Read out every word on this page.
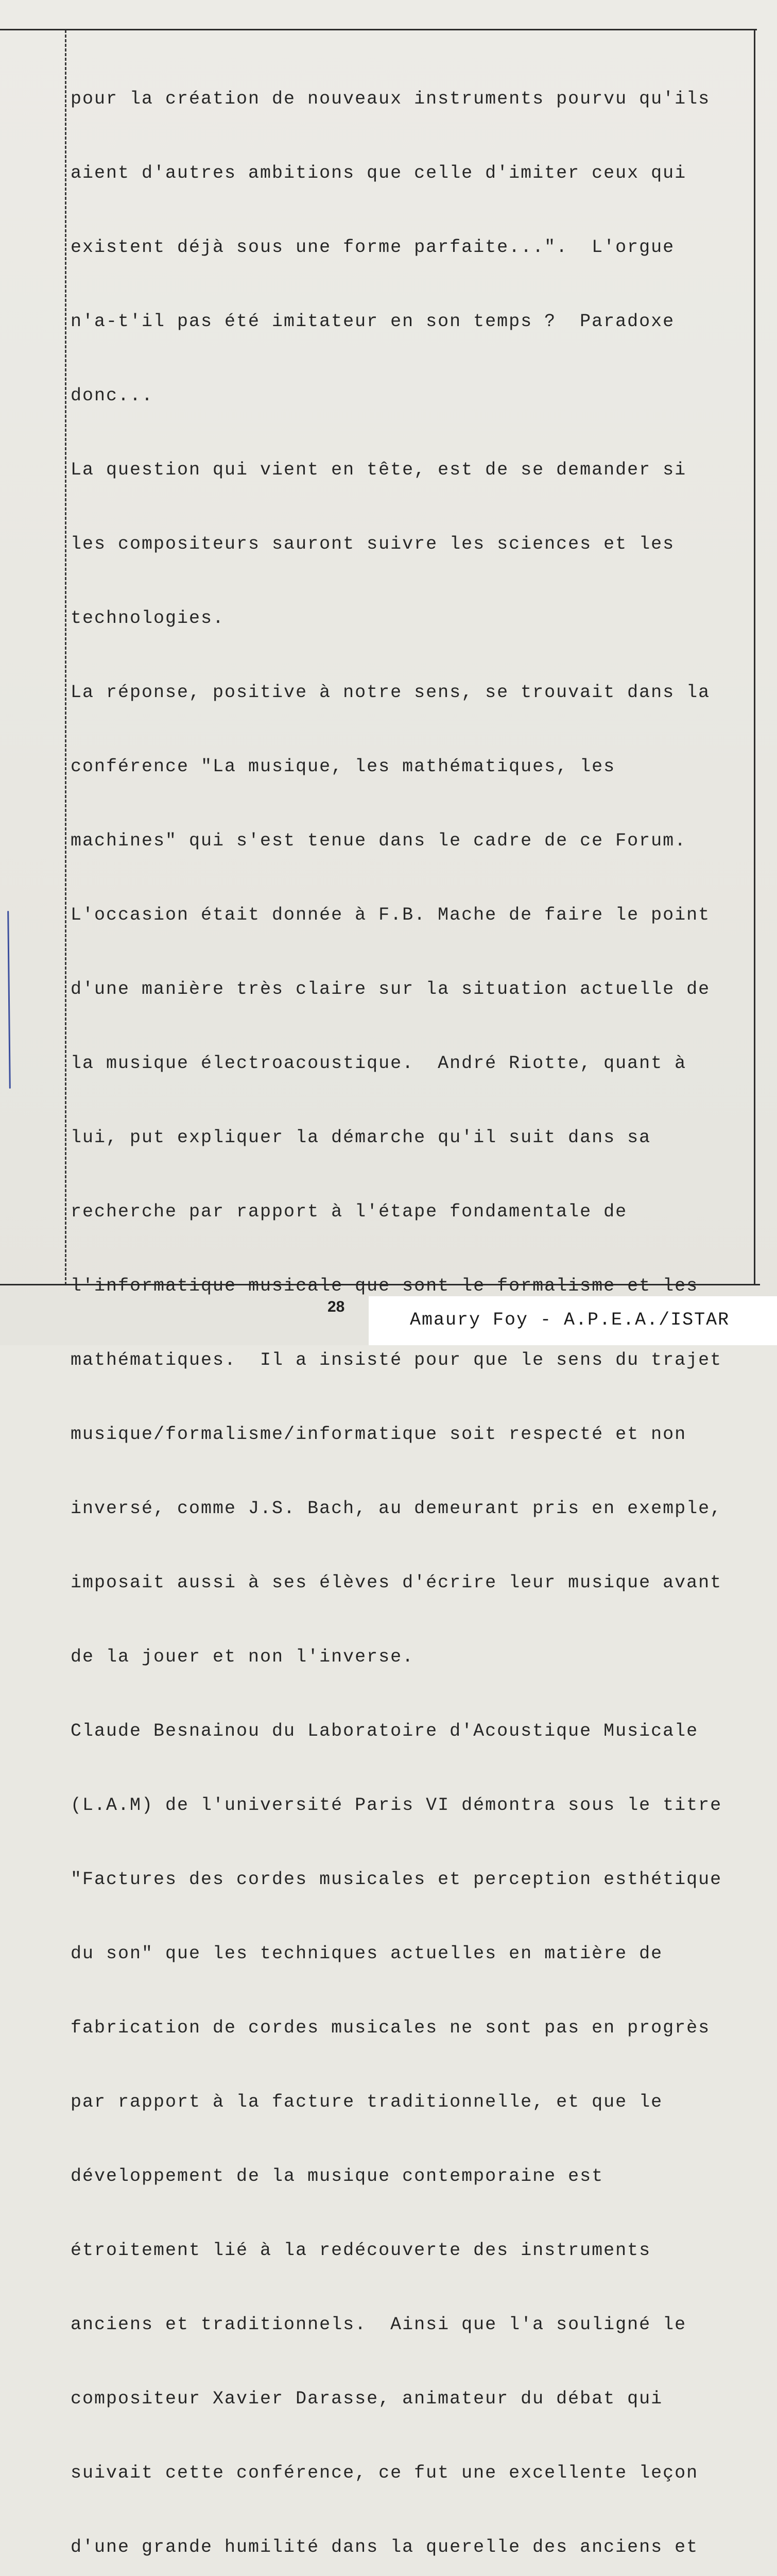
pour la création de nouveaux instruments pourvu qu'ils

aient d'autres ambitions que celle d'imiter ceux qui

existent déjà sous une forme parfaite...".  L'orgue

n'a-t'il pas été imitateur en son temps ?  Paradoxe

donc...

La question qui vient en tête, est de se demander si

les compositeurs sauront suivre les sciences et les

technologies.

La réponse, positive à notre sens, se trouvait dans la

conférence "La musique, les mathématiques, les

machines" qui s'est tenue dans le cadre de ce Forum.

L'occasion était donnée à F.B. Mache de faire le point

d'une manière très claire sur la situation actuelle de

la musique électroacoustique.  André Riotte, quant à

lui, put expliquer la démarche qu'il suit dans sa

recherche par rapport à l'étape fondamentale de

l'informatique musicale que sont le formalisme et les

mathématiques.  Il a insisté pour que le sens du trajet

musique/formalisme/informatique soit respecté et non

inversé, comme J.S. Bach, au demeurant pris en exemple,

imposait aussi à ses élèves d'écrire leur musique avant

de la jouer et non l'inverse.

Claude Besnainou du Laboratoire d'Acoustique Musicale

(L.A.M) de l'université Paris VI démontra sous le titre

"Factures des cordes musicales et perception esthétique

du son" que les techniques actuelles en matière de

fabrication de cordes musicales ne sont pas en progrès

par rapport à la facture traditionnelle, et que le

développement de la musique contemporaine est

étroitement lié à la redécouverte des instruments

anciens et traditionnels.  Ainsi que l'a souligné le

compositeur Xavier Darasse, animateur du débat qui

suivait cette conférence, ce fut une excellente leçon

d'une grande humilité dans la querelle des anciens et

28
Amaury Foy - A.P.E.A./ISTAR
